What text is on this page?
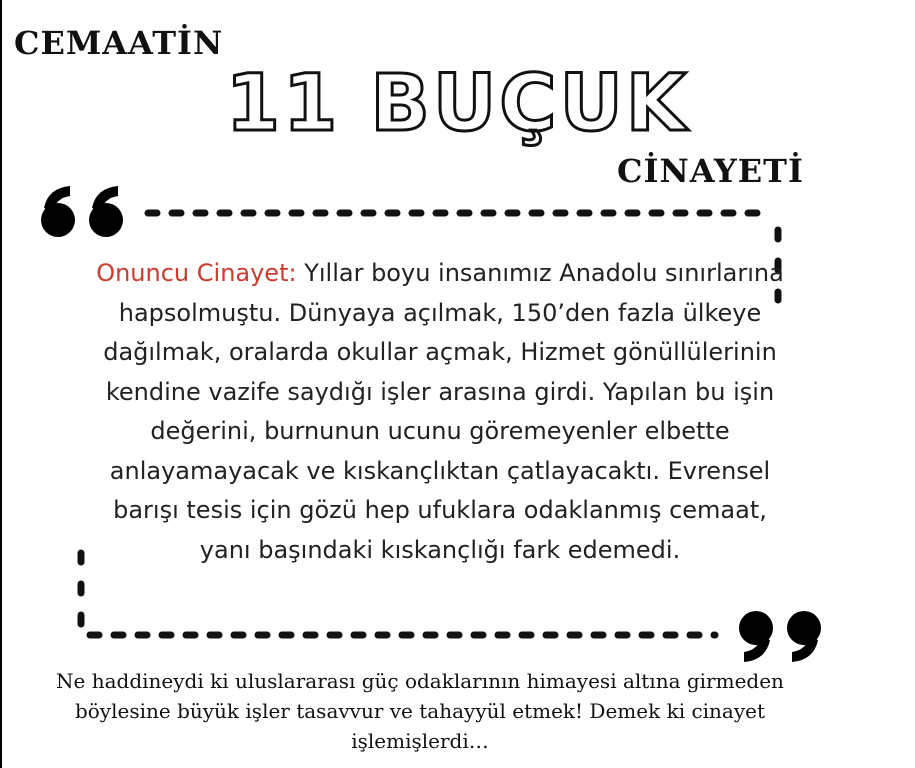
CEMAATİN
11 BUÇUK
CİNAYETİ
Onuncu Cinayet: Yıllar boyu insanımız Anadolu sınırlarına hapsolmuştu. Dünyaya açılmak, 150’den fazla ülkeye dağılmak, oralarda okullar açmak, Hizmet gönüllülerinin kendine vazife saydığı işler arasına girdi. Yapılan bu işin değerini, burnunun ucunu göremeyenler elbette anlayamayacak ve kıskançlıktan çatlayacaktı. Evrensel barışı tesis için gözü hep ufuklara odaklanmış cemaat, yanı başındaki kıskançlığı fark edemedi.
Ne haddineydi ki uluslararası güç odaklarının himayesi altına girmeden böylesine büyük işler tasavvur ve tahayyül etmek! Demek ki cinayet işlemişlerdi…
